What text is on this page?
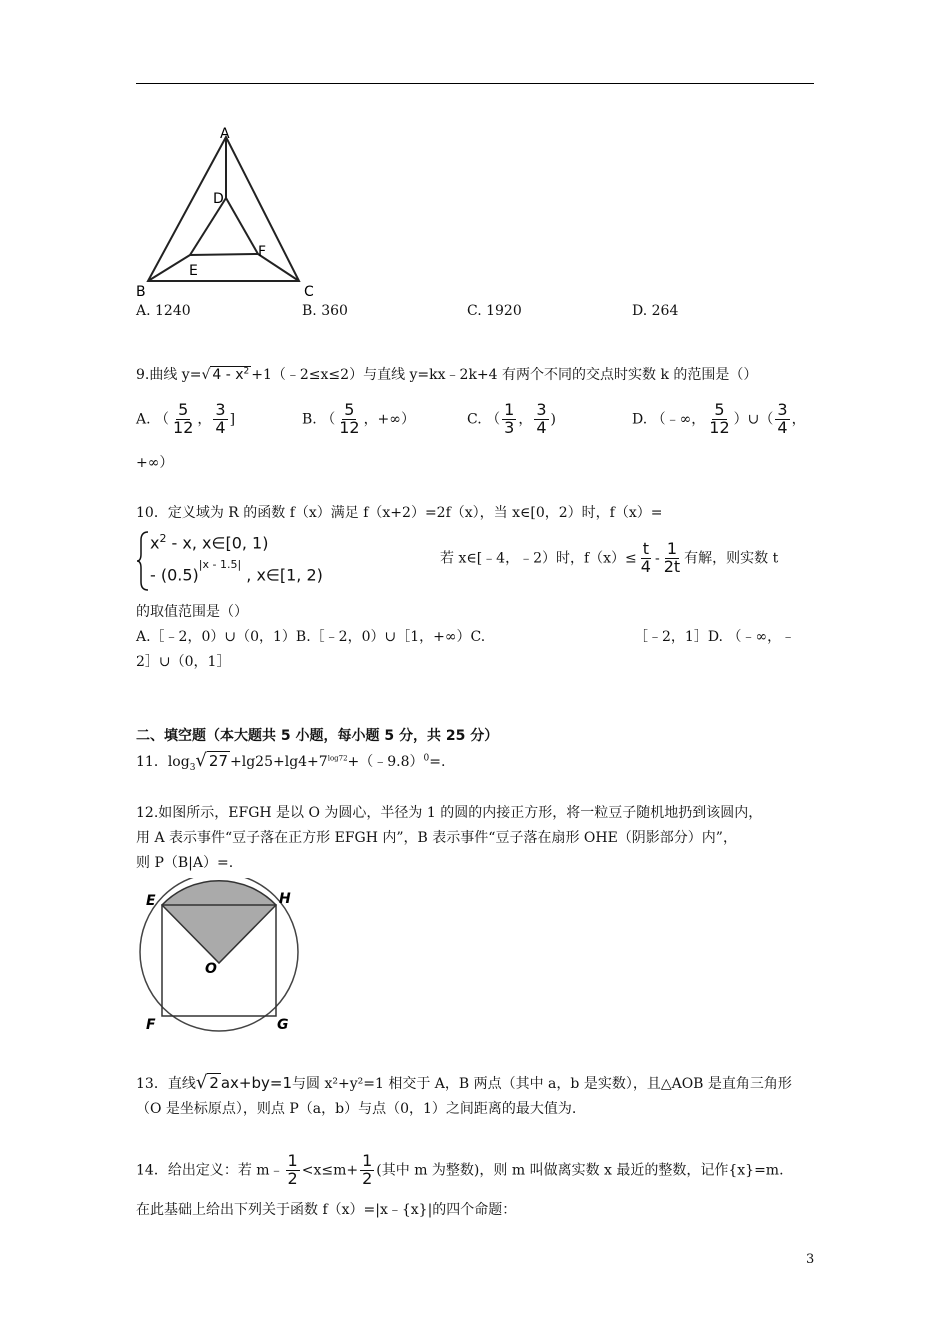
A
D
F
E
B	C
A. 1240	B. 360	C. 1920	D. 264
9.曲线 y=√ $4 - x^2$ +1（﹣2≤x≤2）与直线 y=kx﹣2k+4 有两个不同的交点时实数 k 的范围是（）
A. （ $\frac{5}{12}$ ， $\frac{3}{4}$ ]	B. （ $\frac{5}{12}$ ，+∞）	C. （ $\frac{1}{3}$ ， $\frac{3}{4}$ )	D. （﹣∞， $\frac{5}{12}$ ）∪（ $\frac{3}{4}$ ，
+∞）
10．定义域为 R 的函数 f（x）满足 f（x+2）=2f（x），当 x∈[0，2）时，f（x）=
$x^2$ - x, x∈[0, 1)
- $(0.5)^{|x - 1.5|}$ , x∈[1, 2)
若 x∈[﹣4，﹣2）时，$f(x)\le \frac{t}{4} - \frac{1}{2t}$ 有解，则实数 t
的取值范围是（）
A.［﹣2，0）∪（0，1）B.［﹣2，0）∪［1，+∞）C.	［﹣2，1］D. （﹣∞，﹣
2］∪（0，1］
二、填空题（本大题共 5 小题，每小题 5 分，共 25 分）
11．$\log_3√$ $27 +\lg 25+\lg 4+7^{log72}+(﹣9.8)^0=$.
12.如图所示，EFGH 是以 O 为圆心，半径为 1 的圆的内接正方形，将一粒豆子随机地扔到该圆内，
用 A 表示事件“豆子落在正方形 EFGH 内”，B 表示事件“豆子落在扇形 OHE（阴影部分）内”，
则 P（B|A）=.
E	H
O
F	G
13．直线√ 2 ax+by=1与圆 x²+y²=1 相交于 A，B 两点（其中 a，b 是实数），且△AOB 是直角三角形
（O 是坐标原点），则点 P（a，b）与点（0，1）之间距离的最大值为.
14．给出定义：若 m﹣ $\frac{1}{2} <x\le m+ \frac{1}{2}$ (其中 m 为整数)，则 m 叫做离实数 x 最近的整数，记作{x}=m.
在此基础上给出下列关于函数 f（x）=|x﹣{x}|的四个命题：
3
